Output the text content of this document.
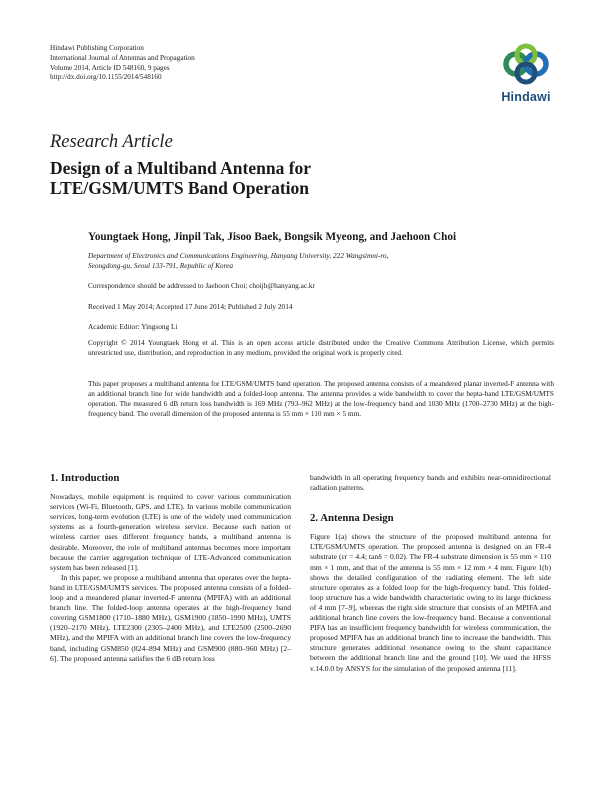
Hindawi Publishing Corporation
International Journal of Antennas and Propagation
Volume 2014, Article ID 548160, 9 pages
http://dx.doi.org/10.1155/2014/548160
Hindawi
Research Article
Design of a Multiband Antenna for
LTE/GSM/UMTS Band Operation
Youngtaek Hong, Jinpil Tak, Jisoo Baek, Bongsik Myeong, and Jaehoon Choi
Department of Electronics and Communications Engineering, Hanyang University, 222 Wangsimni-ro,
Seongdong-gu, Seoul 133-791, Republic of Korea
Correspondence should be addressed to Jaehoon Choi; choijh@hanyang.ac.kr
Received 1 May 2014; Accepted 17 June 2014; Published 2 July 2014
Academic Editor: Yingsong Li
Copyright © 2014 Youngtaek Hong et al. This is an open access article distributed under the Creative Commons Attribution License, which permits unrestricted use, distribution, and reproduction in any medium, provided the original work is properly cited.
This paper proposes a multiband antenna for LTE/GSM/UMTS band operation. The proposed antenna consists of a meandered planar inverted-F antenna with an additional branch line for wide bandwidth and a folded-loop antenna. The antenna provides a wide bandwidth to cover the hepta-band LTE/GSM/UMTS operation. The measured 6 dB return loss bandwidth is 169 MHz (793–962 MHz) at the low-frequency band and 1030 MHz (1700–2730 MHz) at the high-frequency band. The overall dimension of the proposed antenna is 55 mm × 110 mm × 5 mm.
1. Introduction

Nowadays, mobile equipment is required to cover various communication services (Wi-Fi, Bluetooth, GPS, and LTE). In various mobile communication services, long-term evolution (LTE) is one of the widely used communication systems as a fourth-generation wireless service. Because each nation or wireless carrier uses different frequency bands, a multiband antenna is desirable. Moreover, the role of multiband antennas becomes more important because the carrier aggregation technique of LTE-Advanced communication system has been released [1].

In this paper, we propose a multiband antenna that operates over the hepta-band in LTE/GSM/UMTS services. The proposed antenna consists of a folded-loop and a meandered planar inverted-F antenna (MPIFA) with an additional branch line. The folded-loop antenna operates at the high-frequency band covering GSM1800 (1710–1880 MHz), GSM1900 (1850–1990 MHz), UMTS (1920–2170 MHz), LTE2300 (2305–2400 MHz), and LTE2500 (2500–2690 MHz), and the MPIFA with an additional branch line covers the low-frequency band, including GSM850 (824–894 MHz) and GSM900 (880–960 MHz) [2–6]. The proposed antenna satisfies the 6 dB return loss

bandwidth in all operating frequency bands and exhibits near-omnidirectional radiation patterns.

2. Antenna Design

Figure 1(a) shows the structure of the proposed multiband antenna for LTE/GSM/UMTS operation. The proposed antenna is designed on an FR-4 substrate (εr = 4.4; tanδ = 0.02). The FR-4 substrate dimension is 55 mm × 110 mm × 1 mm, and that of the antenna is 55 mm × 12 mm × 4 mm. Figure 1(b) shows the detailed configuration of the radiating element. The left side structure operates as a folded loop for the high-frequency band. This folded-loop structure has a wide bandwidth characteristic owing to its large thickness of 4 mm [7–9], whereas the right side structure that consists of an MPIFA and additional branch line covers the low-frequency band. Because a conventional PIFA has an insufficient frequency bandwidth for wireless communication, the proposed MPIFA has an additional branch line to increase the bandwidth. This structure generates additional resonance owing to the shunt capacitance between the additional branch line and the ground [10]. We used the HFSS v.14.0.0 by ANSYS for the simulation of the proposed antenna [11].
